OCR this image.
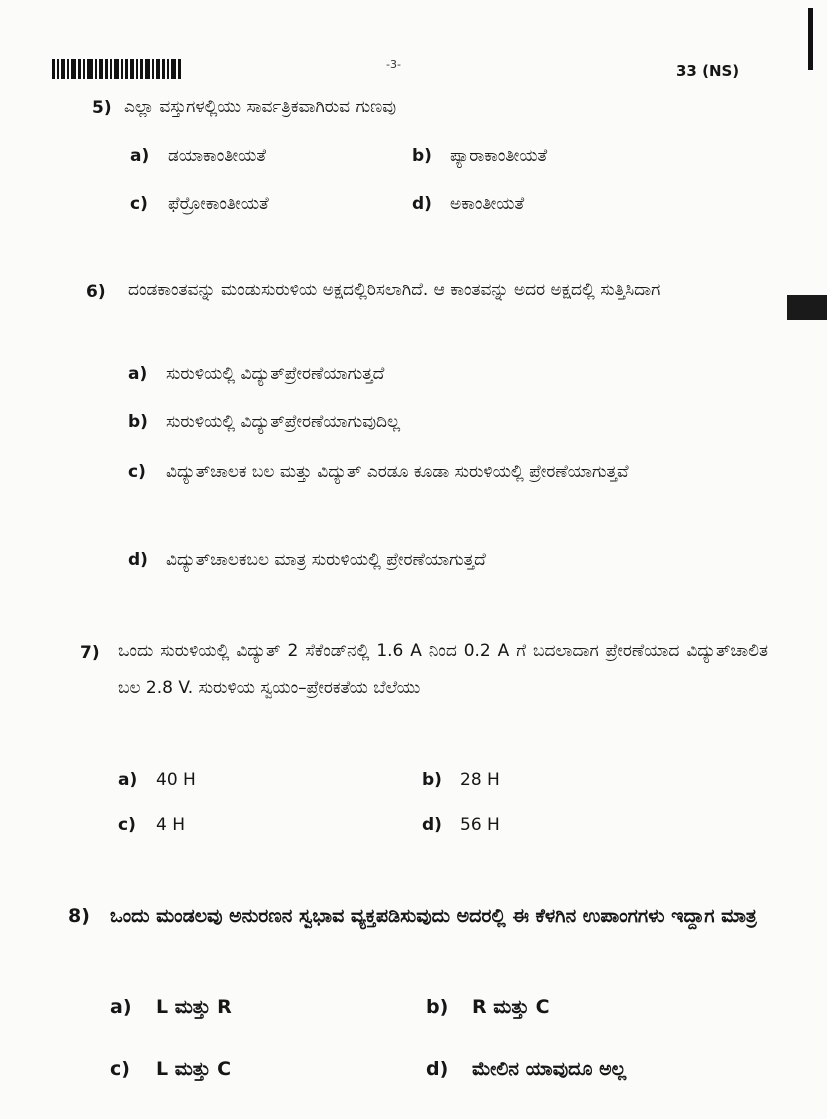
-3-	33 (NS)
5) ಎಲ್ಲಾ ವಸ್ತುಗಳಲ್ಲಿಯು ಸಾರ್ವತ್ರಿಕವಾಗಿರುವ ಗುಣವು
a) ಡಯಾಕಾಂತೀಯತೆ	b) ಪ್ಯಾರಾಕಾಂತೀಯತೆ
c) ಫೆರ್‍ರೋಕಾಂತೀಯತೆ	d) ಅಕಾಂತೀಯತೆ
6) ದಂಡಕಾಂತವನ್ನು ಮಂಡುಸುರುಳಿಯ ಅಕ್ಷದಲ್ಲಿರಿಸಲಾಗಿದೆ. ಆ ಕಾಂತವನ್ನು ಅದರ ಅಕ್ಷದಲ್ಲಿ ಸುತ್ತಿಸಿದಾಗ
a) ಸುರುಳಿಯಲ್ಲಿ ವಿದ್ಯುತ್‌ಪ್ರೇರಣೆಯಾಗುತ್ತದೆ
b) ಸುರುಳಿಯಲ್ಲಿ ವಿದ್ಯುತ್‌ಪ್ರೇರಣೆಯಾಗುವುದಿಲ್ಲ
c) ವಿದ್ಯುತ್‌ಚಾಲಕ ಬಲ ಮತ್ತು ವಿದ್ಯುತ್ ಎರಡೂ ಕೂಡಾ ಸುರುಳಿಯಲ್ಲಿ ಪ್ರೇರಣೆಯಾಗುತ್ತವೆ
d) ವಿದ್ಯುತ್‌ಚಾಲಕಬಲ ಮಾತ್ರ ಸುರುಳಿಯಲ್ಲಿ ಪ್ರೇರಣೆಯಾಗುತ್ತದೆ
7) ಒಂದು ಸುರುಳಿಯಲ್ಲಿ ವಿದ್ಯುತ್ 2 ಸೆಕೆಂಡ್‌ನಲ್ಲಿ 1.6 A ನಿಂದ 0.2 A ಗೆ ಬದಲಾದಾಗ ಪ್ರೇರಣೆಯಾದ ವಿದ್ಯುತ್‌ಚಾಲಿತ ಬಲ 2.8 V. ಸುರುಳಿಯ ಸ್ವಯಂ–ಪ್ರೇರಕತೆಯ ಬೆಲೆಯು
a) 40 H	b) 28 H
c) 4 H	d) 56 H
8) ಒಂದು ಮಂಡಲವು ಅನುರಣನ ಸ್ವಭಾವ ವ್ಯಕ್ತಪಡಿಸುವುದು ಅದರಲ್ಲಿ ಈ ಕೆಳಗಿನ ಉಪಾಂಗಗಳು ಇದ್ದಾಗ ಮಾತ್ರ
a) L ಮತ್ತು R	b) R ಮತ್ತು C
c) L ಮತ್ತು C	d) ಮೇಲಿನ ಯಾವುದೂ ಅಲ್ಲ
